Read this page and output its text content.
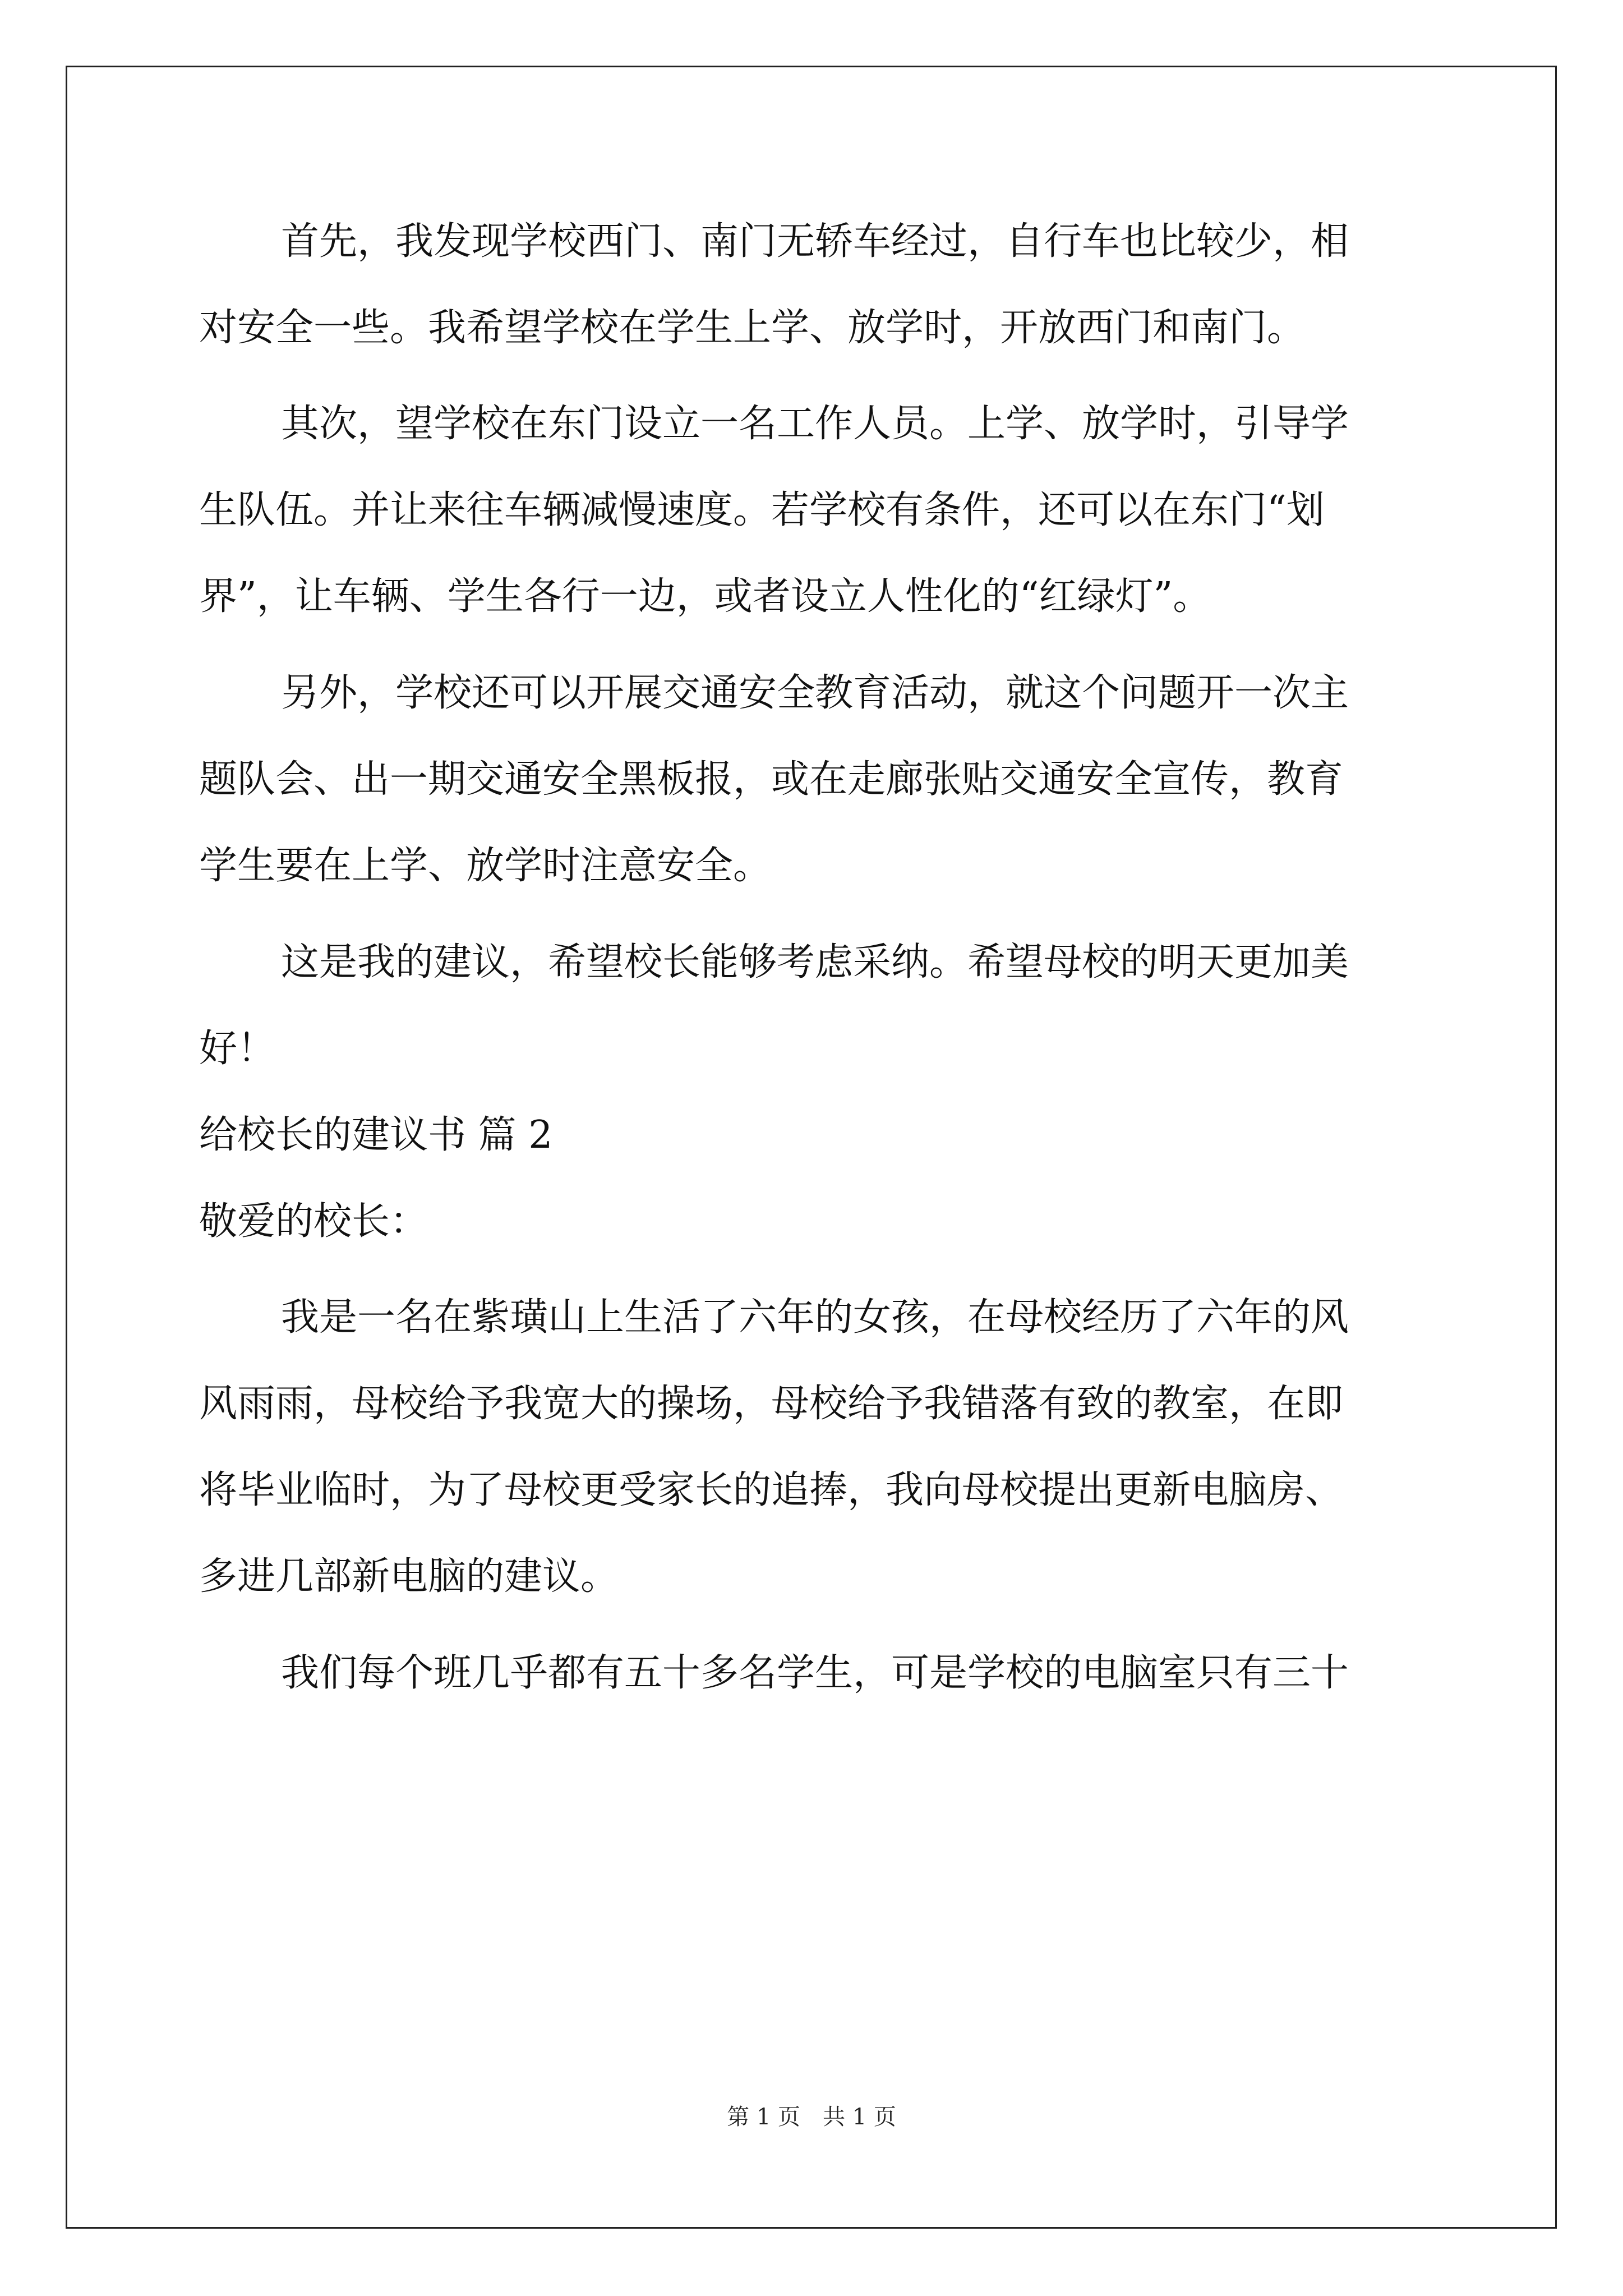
首先，我发现学校西门、南门无轿车经过，自行车也比较少，相
对安全一些。我希望学校在学生上学、放学时，开放西门和南门。
其次，望学校在东门设立一名工作人员。上学、放学时，引导学
生队伍。并让来往车辆减慢速度。若学校有条件，还可以在东门“划
界”，让车辆、学生各行一边，或者设立人性化的“红绿灯”。
另外，学校还可以开展交通安全教育活动，就这个问题开一次主
题队会、出一期交通安全黑板报，或在走廊张贴交通安全宣传，教育
学生要在上学、放学时注意安全。
这是我的建议，希望校长能够考虑采纳。希望母校的明天更加美
好！
给校长的建议书 篇 2
敬爱的校长：
我是一名在紫璜山上生活了六年的女孩，在母校经历了六年的风
风雨雨，母校给予我宽大的操场，母校给予我错落有致的教室，在即
将毕业临时，为了母校更受家长的追捧，我向母校提出更新电脑房、
多进几部新电脑的建议。
我们每个班几乎都有五十多名学生，可是学校的电脑室只有三十
第 1 页　共 1 页
